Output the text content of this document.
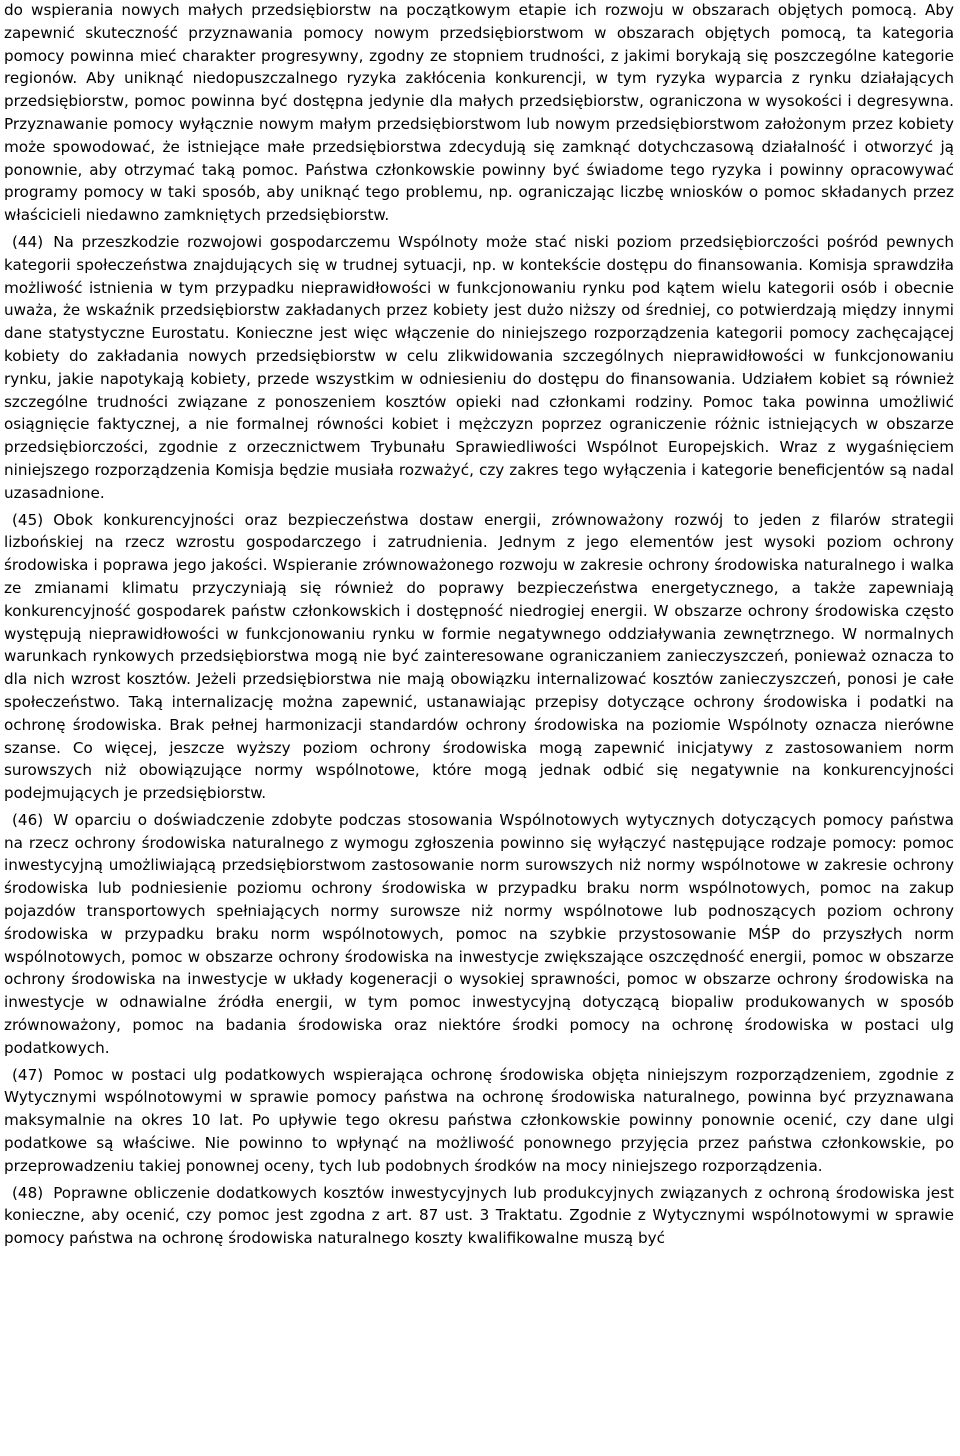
do wspierania nowych małych przedsiębiorstw na początkowym etapie ich rozwoju w obszarach objętych pomocą. Aby zapewnić skuteczność przyznawania pomocy nowym przedsiębiorstwom w obszarach objętych pomocą, ta kategoria pomocy powinna mieć charakter progresywny, zgodny ze stopniem trudności, z jakimi borykają się poszczególne kategorie regionów. Aby uniknąć niedopuszczalnego ryzyka zakłócenia konkurencji, w tym ryzyka wyparcia z rynku działających przedsiębiorstw, pomoc powinna być dostępna jedynie dla małych przedsiębiorstw, ograniczona w wysokości i degresywna. Przyznawanie pomocy wyłącznie nowym małym przedsiębiorstwom lub nowym przedsiębiorstwom założonym przez kobiety może spowodować, że istniejące małe przedsiębiorstwa zdecydują się zamknąć dotychczasową działalność i otworzyć ją ponownie, aby otrzymać taką pomoc. Państwa członkowskie powinny być świadome tego ryzyka i powinny opracowywać programy pomocy w taki sposób, aby uniknąć tego problemu, np. ograniczając liczbę wniosków o pomoc składanych przez właścicieli niedawno zamkniętych przedsiębiorstw.

(44) Na przeszkodzie rozwojowi gospodarczemu Wspólnoty może stać niski poziom przedsiębiorczości pośród pewnych kategorii społeczeństwa znajdujących się w trudnej sytuacji, np. w kontekście dostępu do finansowania. Komisja sprawdziła możliwość istnienia w tym przypadku nieprawidłowości w funkcjonowaniu rynku pod kątem wielu kategorii osób i obecnie uważa, że wskaźnik przedsiębiorstw zakładanych przez kobiety jest dużo niższy od średniej, co potwierdzają między innymi dane statystyczne Eurostatu. Konieczne jest więc włączenie do niniejszego rozporządzenia kategorii pomocy zachęcającej kobiety do zakładania nowych przedsiębiorstw w celu zlikwidowania szczególnych nieprawidłowości w funkcjonowaniu rynku, jakie napotykają kobiety, przede wszystkim w odniesieniu do dostępu do finansowania. Udziałem kobiet są również szczególne trudności związane z ponoszeniem kosztów opieki nad członkami rodziny. Pomoc taka powinna umożliwić osiągnięcie faktycznej, a nie formalnej równości kobiet i mężczyzn poprzez ograniczenie różnic istniejących w obszarze przedsiębiorczości, zgodnie z orzecznictwem Trybunału Sprawiedliwości Wspólnot Europejskich. Wraz z wygaśnięciem niniejszego rozporządzenia Komisja będzie musiała rozważyć, czy zakres tego wyłączenia i kategorie beneficjentów są nadal uzasadnione.

(45) Obok konkurencyjności oraz bezpieczeństwa dostaw energii, zrównoważony rozwój to jeden z filarów strategii lizbońskiej na rzecz wzrostu gospodarczego i zatrudnienia. Jednym z jego elementów jest wysoki poziom ochrony środowiska i poprawa jego jakości. Wspieranie zrównoważonego rozwoju w zakresie ochrony środowiska naturalnego i walka ze zmianami klimatu przyczyniają się również do poprawy bezpieczeństwa energetycznego, a także zapewniają konkurencyjność gospodarek państw członkowskich i dostępność niedrogiej energii. W obszarze ochrony środowiska często występują nieprawidłowości w funkcjonowaniu rynku w formie negatywnego oddziaływania zewnętrznego. W normalnych warunkach rynkowych przedsiębiorstwa mogą nie być zainteresowane ograniczaniem zanieczyszczeń, ponieważ oznacza to dla nich wzrost kosztów. Jeżeli przedsiębiorstwa nie mają obowiązku internalizować kosztów zanieczyszczeń, ponosi je całe społeczeństwo. Taką internalizację można zapewnić, ustanawiając przepisy dotyczące ochrony środowiska i podatki na ochronę środowiska. Brak pełnej harmonizacji standardów ochrony środowiska na poziomie Wspólnoty oznacza nierówne szanse. Co więcej, jeszcze wyższy poziom ochrony środowiska mogą zapewnić inicjatywy z zastosowaniem norm surowszych niż obowiązujące normy wspólnotowe, które mogą jednak odbić się negatywnie na konkurencyjności podejmujących je przedsiębiorstw.

(46) W oparciu o doświadczenie zdobyte podczas stosowania Wspólnotowych wytycznych dotyczących pomocy państwa na rzecz ochrony środowiska naturalnego z wymogu zgłoszenia powinno się wyłączyć następujące rodzaje pomocy: pomoc inwestycyjną umożliwiającą przedsiębiorstwom zastosowanie norm surowszych niż normy wspólnotowe w zakresie ochrony środowiska lub podniesienie poziomu ochrony środowiska w przypadku braku norm wspólnotowych, pomoc na zakup pojazdów transportowych spełniających normy surowsze niż normy wspólnotowe lub podnoszących poziom ochrony środowiska w przypadku braku norm wspólnotowych, pomoc na szybkie przystosowanie MŚP do przyszłych norm wspólnotowych, pomoc w obszarze ochrony środowiska na inwestycje zwiększające oszczędność energii, pomoc w obszarze ochrony środowiska na inwestycje w układy kogeneracji o wysokiej sprawności, pomoc w obszarze ochrony środowiska na inwestycje w odnawialne źródła energii, w tym pomoc inwestycyjną dotyczącą biopaliw produkowanych w sposób zrównoważony, pomoc na badania środowiska oraz niektóre środki pomocy na ochronę środowiska w postaci ulg podatkowych.

(47) Pomoc w postaci ulg podatkowych wspierająca ochronę środowiska objęta niniejszym rozporządzeniem, zgodnie z Wytycznymi wspólnotowymi w sprawie pomocy państwa na ochronę środowiska naturalnego, powinna być przyznawana maksymalnie na okres 10 lat. Po upływie tego okresu państwa członkowskie powinny ponownie ocenić, czy dane ulgi podatkowe są właściwe. Nie powinno to wpłynąć na możliwość ponownego przyjęcia przez państwa członkowskie, po przeprowadzeniu takiej ponownej oceny, tych lub podobnych środków na mocy niniejszego rozporządzenia.

(48) Poprawne obliczenie dodatkowych kosztów inwestycyjnych lub produkcyjnych związanych z ochroną środowiska jest konieczne, aby ocenić, czy pomoc jest zgodna z art. 87 ust. 3 Traktatu. Zgodnie z Wytycznymi wspólnotowymi w sprawie pomocy państwa na ochronę środowiska naturalnego koszty kwalifikowalne muszą być
